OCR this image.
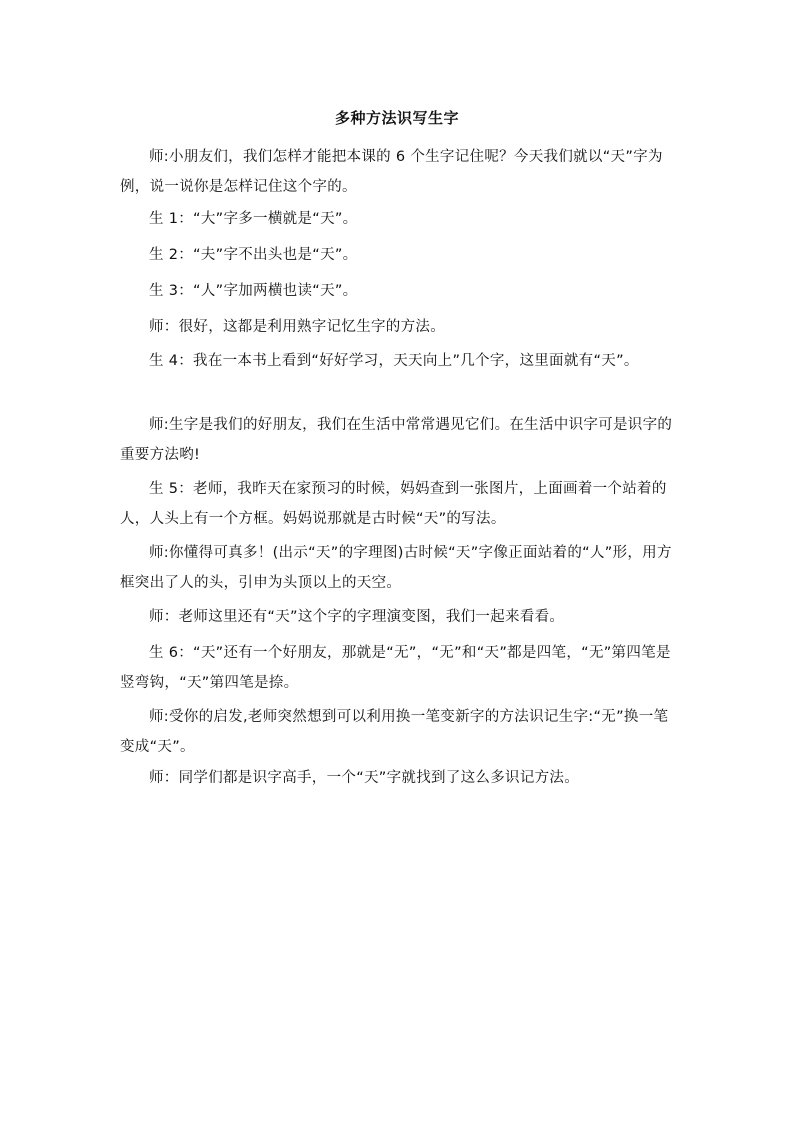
多种方法识写生字

师:小朋友们，我们怎样才能把本课的 6 个生字记住呢？今天我们就以“天”字为例，说一说你是怎样记住这个字的。

生 1：“大”字多一横就是“天”。

生 2：“夫”字不出头也是“天”。

生 3：“人”字加两横也读“天”。

师：很好，这都是利用熟字记忆生字的方法。

生 4：我在一本书上看到“好好学习，天天向上”几个字，这里面就有“天”。

师:生字是我们的好朋友，我们在生活中常常遇见它们。在生活中识字可是识字的重要方法哟!

生 5：老师，我昨天在家预习的时候，妈妈查到一张图片，上面画着一个站着的人，人头上有一个方框。妈妈说那就是古时候“天”的写法。

师:你懂得可真多！(出示“天”的字理图)古时候“天”字像正面站着的“人”形，用方框突出了人的头，引申为头顶以上的天空。

师：老师这里还有“天”这个字的字理演变图，我们一起来看看。

生 6：“天”还有一个好朋友，那就是“无”，“无”和“天”都是四笔，“无”第四笔是竖弯钩，“天”第四笔是捺。

师:受你的启发,老师突然想到可以利用换一笔变新字的方法识记生字:“无”换一笔变成“天”。

师：同学们都是识字高手，一个“天”字就找到了这么多识记方法。
